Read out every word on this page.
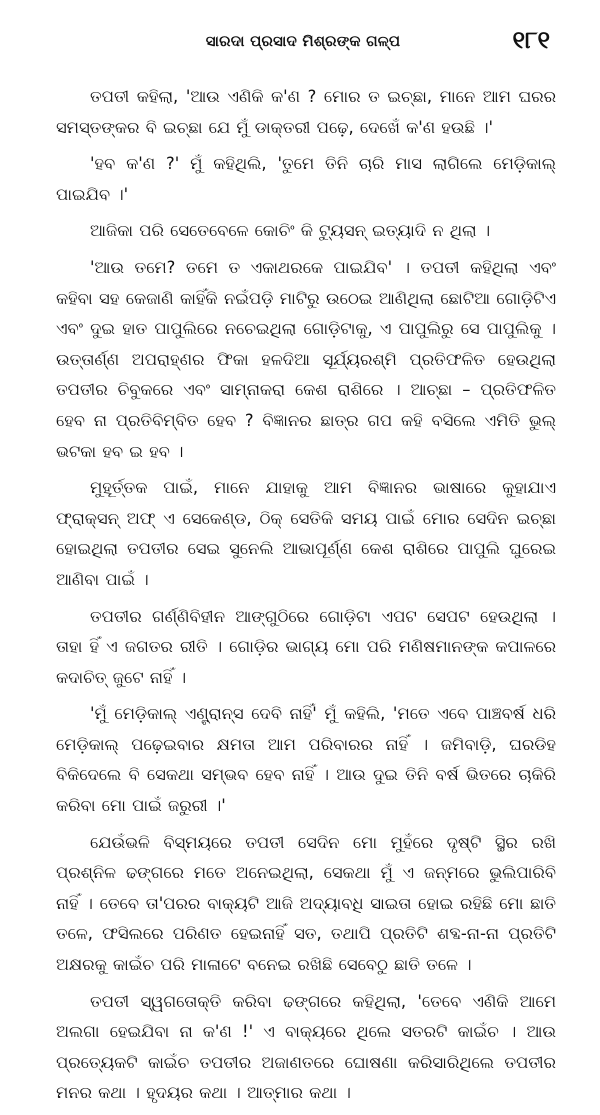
ସାରଦା ପ୍ରସାଦ ମିଶ୍ରଙ୍କ ଗଳ୍ପ	୧୮୧

ତପତୀ କହିଲା, 'ଆଉ ଏଣିକି କ'ଣ ? ମୋର ତ ଇଚ୍ଛା, ମାନେ ଆମ ଘରର ସମସ୍ତଙ୍କର ବି ଇଚ୍ଛା ଯେ ମୁଁ ଡାକ୍ତରୀ ପଢ଼େ, ଦେଖେଁ କ'ଣ ହଉଛି ।'

'ହବ କ'ଣ ?' ମୁଁ କହିଥିଲି, 'ତୁମେ ତିନି ଚାରି ମାସ ଲାଗିଲେ ମେଡ଼ିକାଲ୍ ପାଇଯିବ ।'

ଆଜିକା ପରି ସେତେବେଳେ କୋଚିଂ କି ଟ୍ୟୁସନ୍ ଇତ୍ୟାଦି ନ ଥିଲା ।

'ଆଉ ତମେ? ତମେ ତ ଏକାଥରକେ ପାଇଯିବ' । ତପତୀ କହିଥିଲା ଏବଂ କହିବା ସହ କେଜାଣି କାହିଁକି ନଇଁପଡ଼ି ମାଟିରୁ ଉଠେଇ ଆଣିଥିଲା ଛୋଟିଆ ଗୋଡ଼ିଟିଏ ଏବଂ ଦୁଇ ହାତ ପାପୁଲିରେ ନଚେଇଥିଲା ଗୋଡ଼ିଟାକୁ, ଏ ପାପୁଲିରୁ ସେ ପାପୁଲିକୁ । ଉତ୍ତାର୍ଣ୍ଣ ଅପରାହ୍ଣର ଫିକା ହଳଦିଆ ସୂର୍ଯ୍ୟରଶ୍ମି ପ୍ରତିଫଳିତ ହେଉଥିଲା ତପତୀର ଚିବୁକରେ ଏବଂ ସାମ୍ନାକରା କେଶ ରାଶିରେ । ଆଚ୍ଛା – ପ୍ରତିଫଳିତ ହେବ ନା ପ୍ରତିବିମ୍ବିତ ହେବ ? ବିଜ୍ଞାନର ଛାତ୍ର ଗପ କହି ବସିଲେ ଏମିତି ଭୁଲ୍ ଭଟକା ହବ ଇ ହବ ।

ମୁହୂର୍ତ୍ତକ ପାଇଁ, ମାନେ ଯାହାକୁ ଆମ ବିଜ୍ଞାନର ଭାଷାରେ କୁହାଯାଏ ଫ୍ରାକ୍‌ସନ୍ ଅଫ୍ ଏ ସେକେଣ୍ଡ, ଠିକ୍ ସେତିକି ସମୟ ପାଇଁ ମୋର ସେଦିନ ଇଚ୍ଛା ହୋଇଥିଲା ତପତୀର ସେଇ ସୁନେଲି ଆଭାପୂର୍ଣ୍ଣ କେଶ ରାଶିରେ ପାପୁଲି ଘୁରେଇ ଆଣିବା ପାଇଁ ।

ତପତୀର ଗର୍ଣ୍ଣିବିହୀନ ଆଙ୍ଗୁଠିରେ ଗୋଡ଼ିଟା ଏପଟ ସେପଟ ହେଉଥିଲା । ତାହା ହିଁ ଏ ଜଗତର ରୀତି । ଗୋଡ଼ିର ଭାଗ୍ୟ ମୋ ପରି ମଣିଷମାନଙ୍କ କପାଳରେ କଦାଚିତ୍ ଜୁଟେ ନାହିଁ ।

'ମୁଁ ମେଡ଼ିକାଲ୍ ଏଣ୍ଟ୍ରାନ୍ସ ଦେବି ନାହିଁ' ମୁଁ କହିଲି, 'ମତେ ଏବେ ପାଞ୍ଚବର୍ଷ ଧରି ମେଡ଼ିକାଲ୍ ପଢ଼େଇବାର କ୍ଷମତା ଆମ ପରିବାରର ନାହିଁ । ଜମିବାଡ଼ି, ଘରଡିହ ବିକିଦେଲେ ବି ସେକଥା ସମ୍ଭବ ହେବ ନାହିଁ । ଆଉ ଦୁଇ ତିନି ବର୍ଷ ଭିତରେ ଚାକିରି କରିବା ମୋ ପାଇଁ ଜରୁରୀ ।'

ଯେଉଁଭଳି ବିସ୍ମୟରେ ତପତୀ ସେଦିନ ମୋ ମୁହଁରେ ଦୃଷ୍ଟି ସ୍ଥିର ରଖି ପ୍ରଶ୍ନିଳ ଢଙ୍ଗରେ ମତେ ଅନେଇଥିଲା, ସେକଥା ମୁଁ ଏ ଜନ୍ମରେ ଭୁଲିପାରିବି ନାହିଁ । ତେବେ ତା'ପରର ବାକ୍ୟଟି ଆଜି ଅଦ୍ୟାବଧି ସାଇତା ହୋଇ ରହିଛି ମୋ ଛାତି ତଳେ, ଫସିଲରେ ପରିଣତ ହେଇନାହିଁ ସତ, ତଥାପି ପ୍ରତିଟି ଶବ୍ଦ-ନା-ନା ପ୍ରତିଟି ଅକ୍ଷରକୁ କାଇଁଚ ପରି ମାଳାଟେ ବନେଇ ରଖିଛି ସେବେଠୁ ଛାତି ତଳେ ।

ତପତୀ ସ୍ୱଗତୋକ୍ତି କରିବା ଢଙ୍ଗରେ କହିଥିଲା, 'ତେବେ ଏଣିକି ଆମେ ଅଲଗା ହେଇଯିବା ନା କ'ଣ !' ଏ ବାକ୍ୟରେ ଥିଲେ ସତରଟି କାଇଁଚ । ଆଉ ପ୍ରତ୍ୟେକଟି କାଇଁଚ ତପତୀର ଅଜାଣତରେ ଘୋଷଣା କରିସାରିଥିଲେ ତପତୀର ମନର କଥା । ହୃଦୟର କଥା । ଆତ୍ମାର କଥା ।
